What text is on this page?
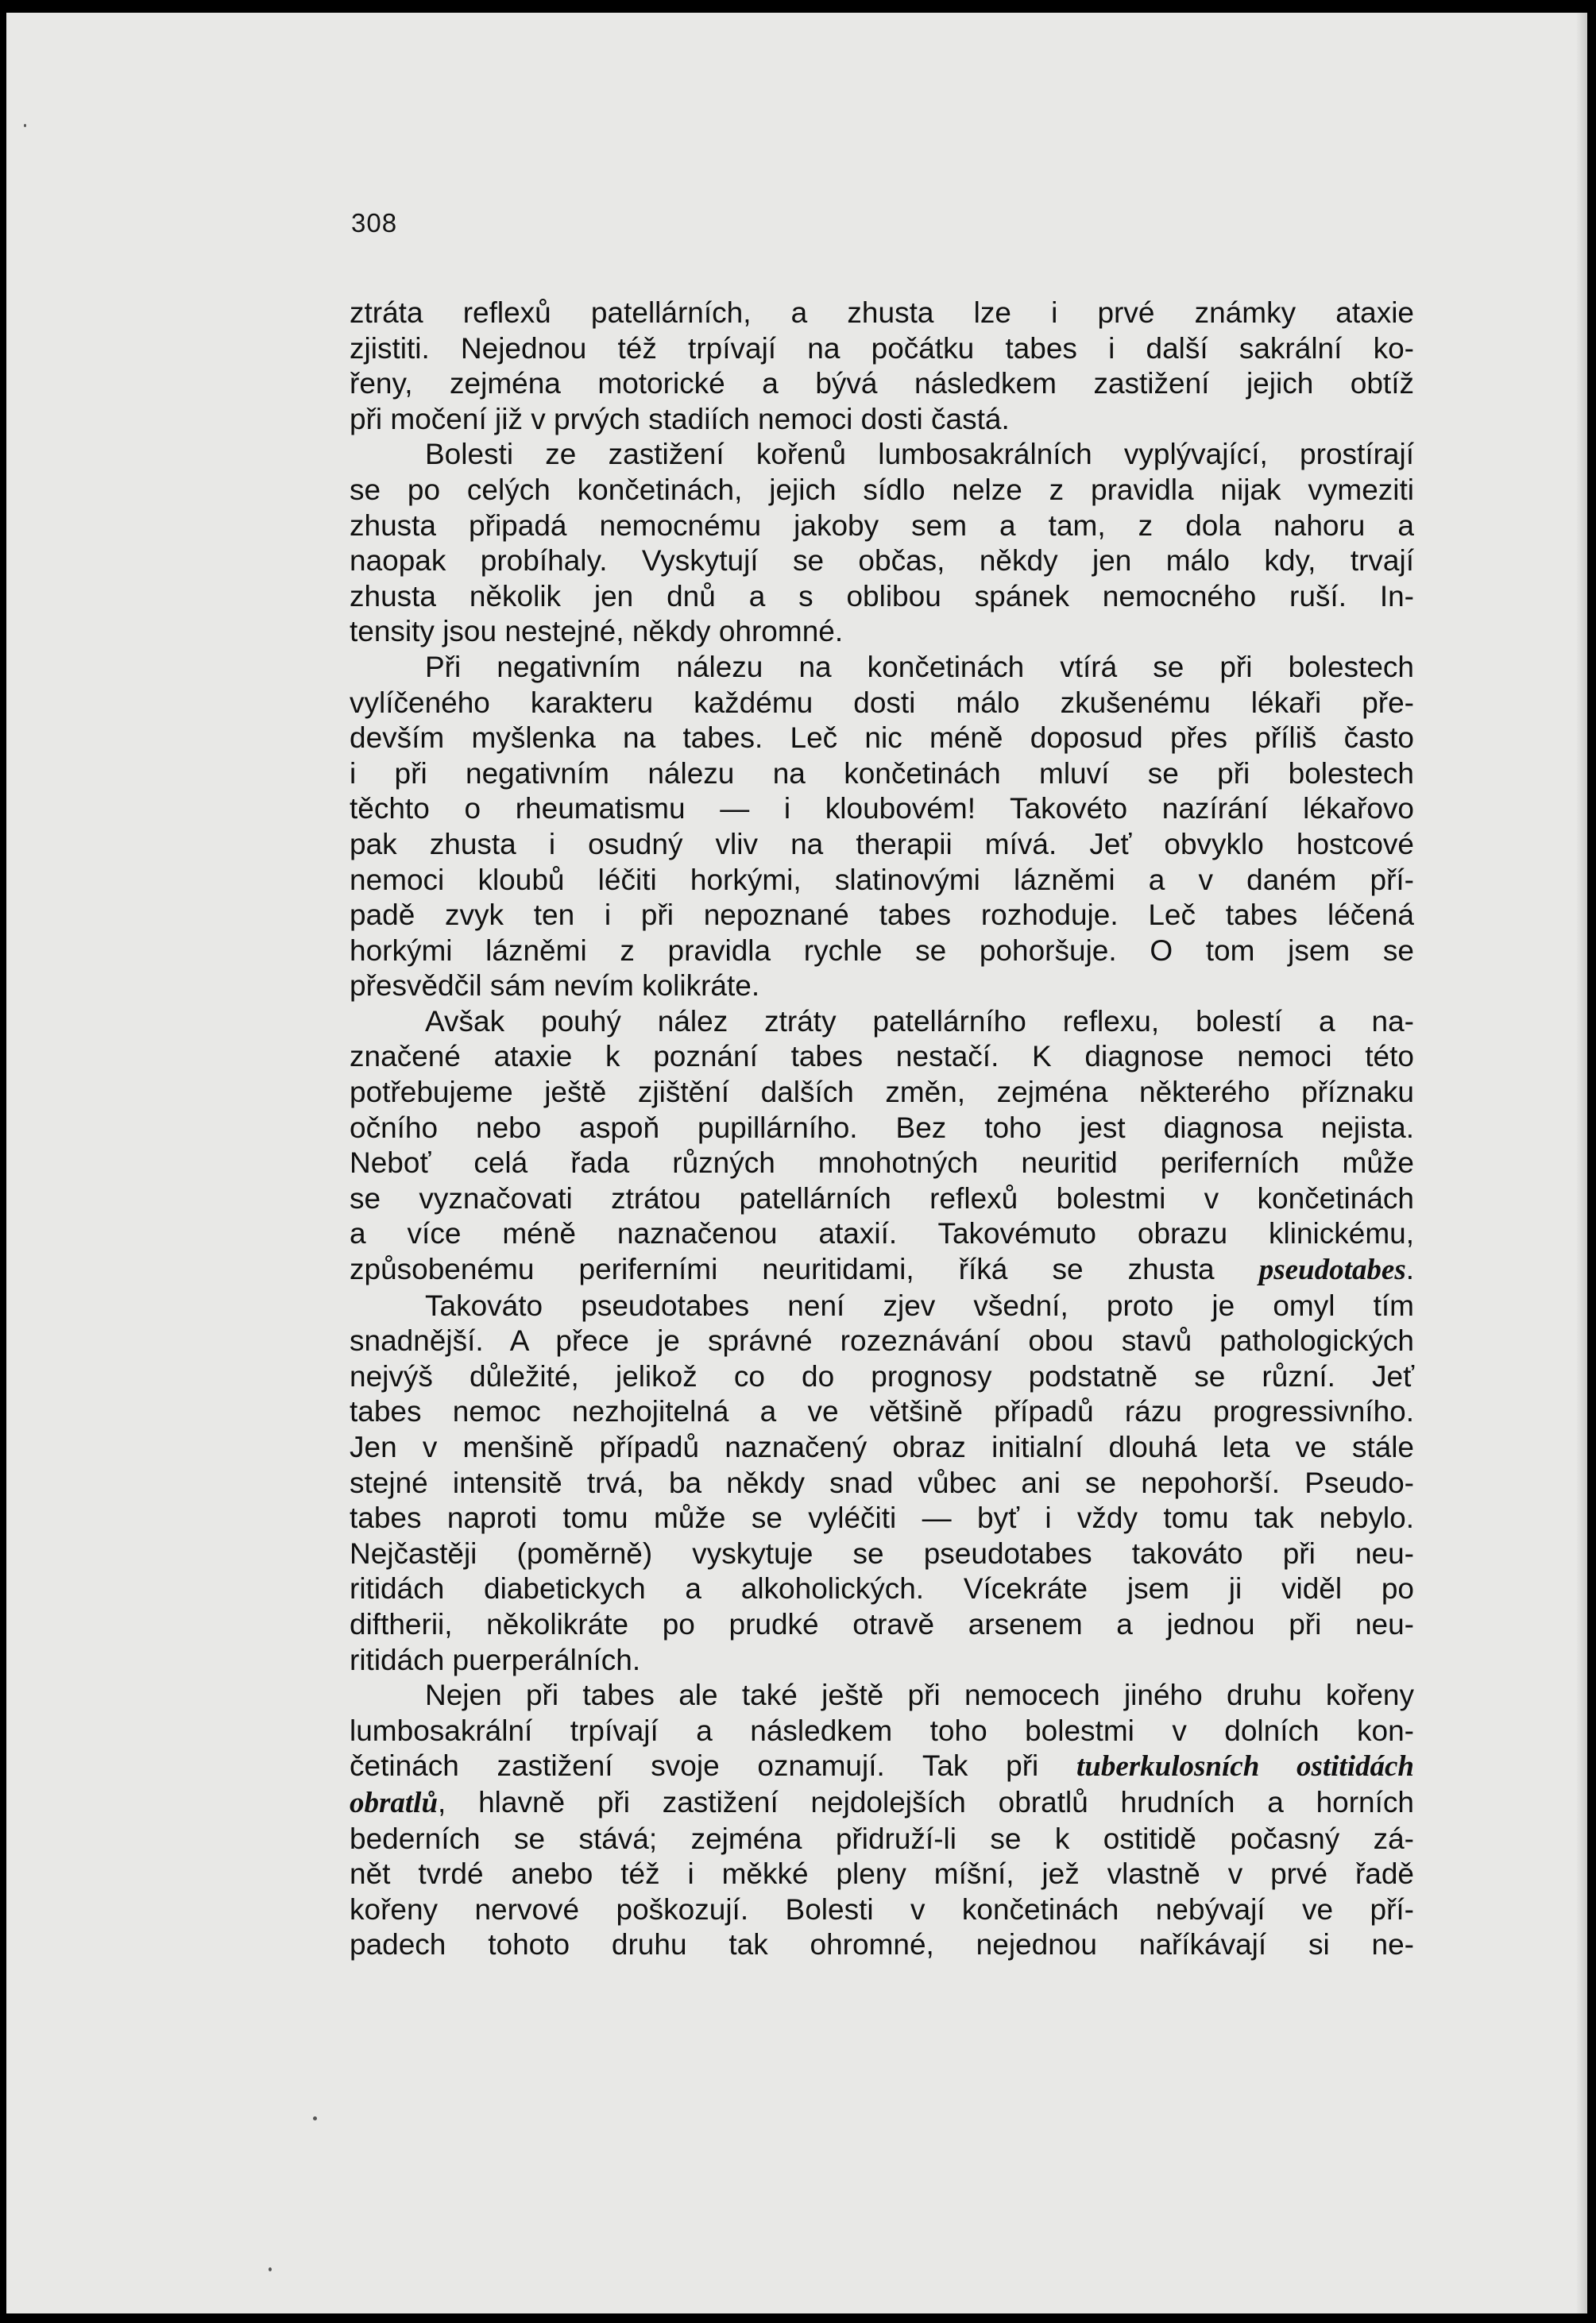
308
ztráta reflexů patellárních, a zhusta lze i prvé známky ataxie
zjistiti. Nejednou též trpívají na počátku tabes i další sakrální ko-
řeny, zejména motorické a bývá následkem zastižení jejich obtíž
při močení již v prvých stadiích nemoci dosti častá.
Bolesti ze zastižení kořenů lumbosakrálních vyplývající, prostírají
se po celých končetinách, jejich sídlo nelze z pravidla nijak vymeziti
zhusta připadá nemocnému jakoby sem a tam, z dola nahoru a
naopak probíhaly. Vyskytují se občas, někdy jen málo kdy, trvají
zhusta několik jen dnů a s oblibou spánek nemocného ruší. In-
tensity jsou nestejné, někdy ohromné.
Při negativním nálezu na končetinách vtírá se při bolestech
vylíčeného karakteru každému dosti málo zkušenému lékaři pře-
devším myšlenka na tabes. Leč nic méně doposud přes příliš často
i při negativním nálezu na končetinách mluví se při bolestech
těchto o rheumatismu — i kloubovém! Takovéto nazírání lékařovo
pak zhusta i osudný vliv na therapii mívá. Jeť obvyklo hostcové
nemoci kloubů léčiti horkými, slatinovými lázněmi a v daném pří-
padě zvyk ten i při nepoznané tabes rozhoduje. Leč tabes léčená
horkými lázněmi z pravidla rychle se pohoršuje. O tom jsem se
přesvědčil sám nevím kolikráte.
Avšak pouhý nález ztráty patellárního reflexu, bolestí a na-
značené ataxie k poznání tabes nestačí. K diagnose nemoci této
potřebujeme ještě zjištění dalších změn, zejména některého příznaku
očního nebo aspoň pupillárního. Bez toho jest diagnosa nejista.
Neboť celá řada různých mnohotných neuritid periferních může
se vyznačovati ztrátou patellárních reflexů bolestmi v končetinách
a více méně naznačenou ataxií. Takovémuto obrazu klinickému,
způsobenému periferními neuritidami, říká se zhusta pseudotabes.
Takováto pseudotabes není zjev všední, proto je omyl tím
snadnější. A přece je správné rozeznávání obou stavů pathologických
nejvýš důležité, jelikož co do prognosy podstatně se různí. Jeť
tabes nemoc nezhojitelná a ve většině případů rázu progressivního.
Jen v menšině případů naznačený obraz initialní dlouhá leta ve stále
stejné intensitě trvá, ba někdy snad vůbec ani se nepohorší. Pseudo-
tabes naproti tomu může se vyléčiti — byť i vždy tomu tak nebylo.
Nejčastěji (poměrně) vyskytuje se pseudotabes takováto při neu-
ritidách diabetickych a alkoholických. Vícekráte jsem ji viděl po
diftherii, několikráte po prudké otravě arsenem a jednou při neu-
ritidách puerperálních.
Nejen při tabes ale také ještě při nemocech jiného druhu kořeny
lumbosakrální trpívají a následkem toho bolestmi v dolních kon-
četinách zastižení svoje oznamují. Tak při tuberkulosních ostitidách
obratlů, hlavně při zastižení nejdolejších obratlů hrudních a horních
bederních se stává; zejména přidruží-li se k ostitidě počasný zá-
nět tvrdé anebo též i měkké pleny míšní, jež vlastně v prvé řadě
kořeny nervové poškozují. Bolesti v končetinách nebývají ve pří-
padech tohoto druhu tak ohromné, nejednou naříkávají si ne-
